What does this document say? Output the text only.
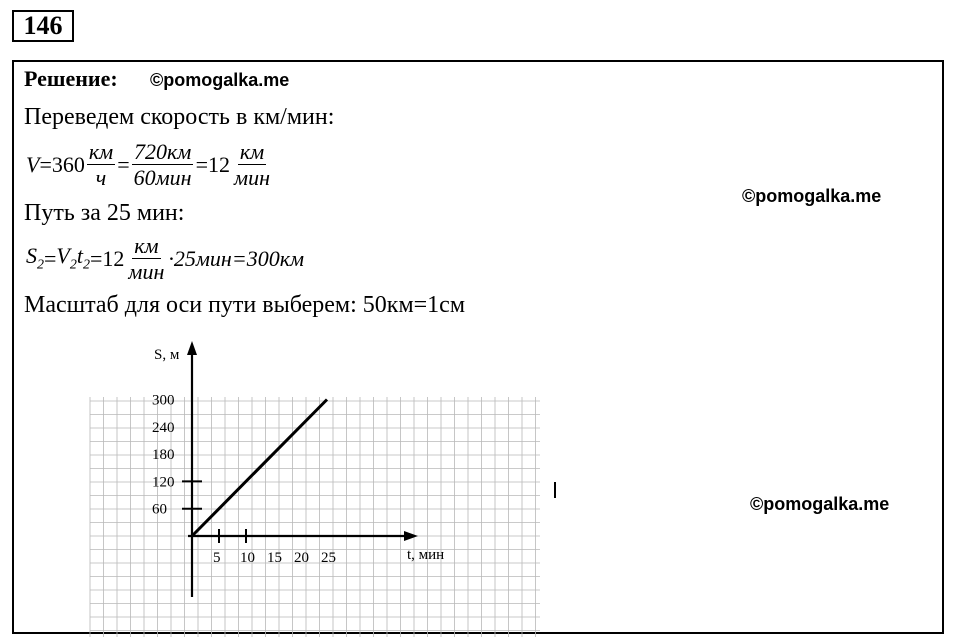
146
Решение: ©pomogalka.me
Переведем скорость в км/мин:
$V = 360 \frac{км}{ч} = \frac{720км}{\text{60мин}} = 12 \frac{км}{\text{мин}}$
Путь за 25 мин:
$S_2 = V_2$ $t_2 = 12 \frac{км}{\text{мин}} \cdot 25мин=300км$
Масштаб для оси пути выберем: 50км=1см
©pomogalka.me
©pomogalka.me
5 10 15 20 25
60
120
180
240
300
S, м
t, мин
